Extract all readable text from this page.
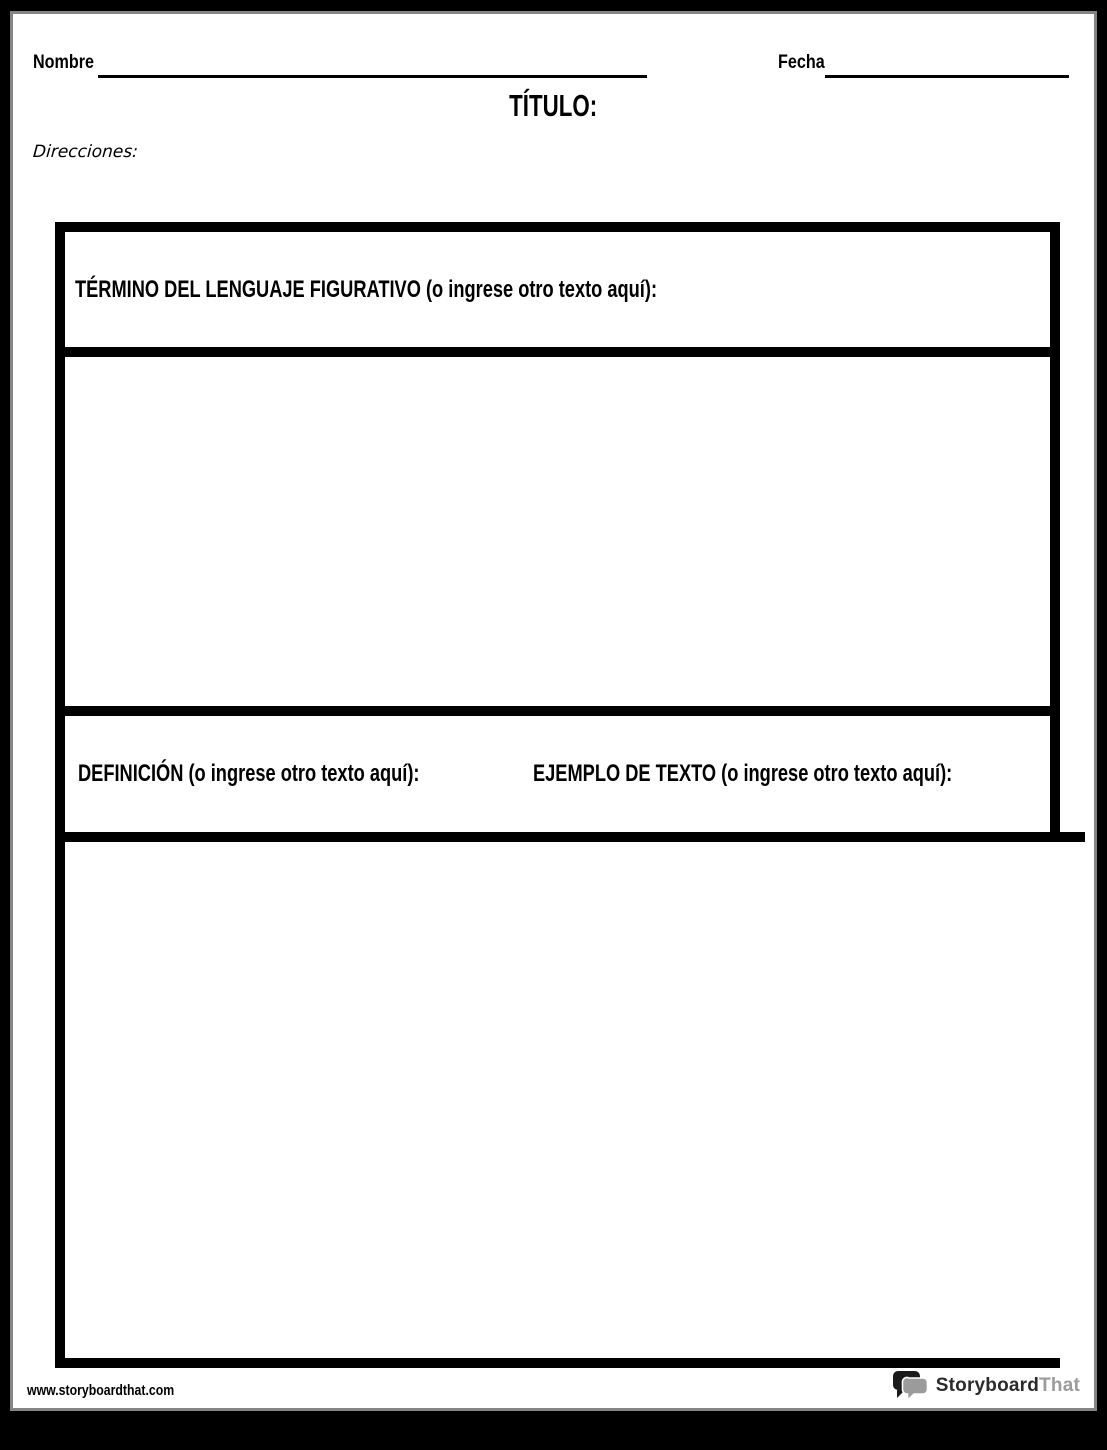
Nombre	Fecha
TÍTULO:
Direcciones:
TÉRMINO DEL LENGUAJE FIGURATIVO (o ingrese otro texto aquí):
DEFINICIÓN (o ingrese otro texto aquí):	EJEMPLO DE TEXTO (o ingrese otro texto aquí):
www.storyboardthat.com	StoryboardThat
